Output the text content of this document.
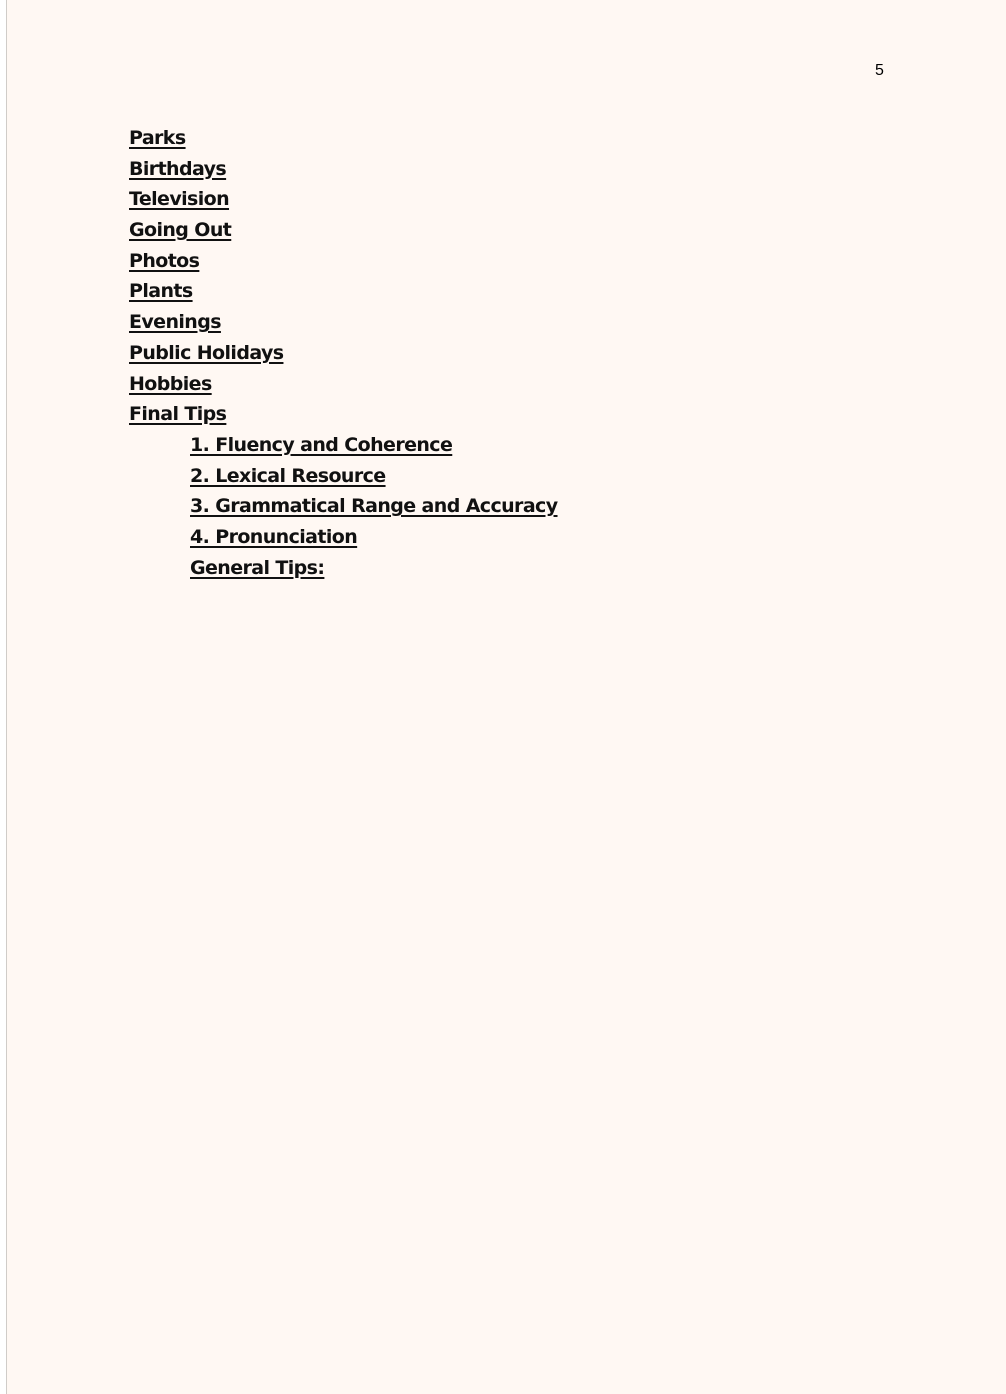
5
Parks
Birthdays
Television
Going Out
Photos
Plants
Evenings
Public Holidays
Hobbies
Final Tips
1. Fluency and Coherence
2. Lexical Resource
3. Grammatical Range and Accuracy
4. Pronunciation
General Tips:
